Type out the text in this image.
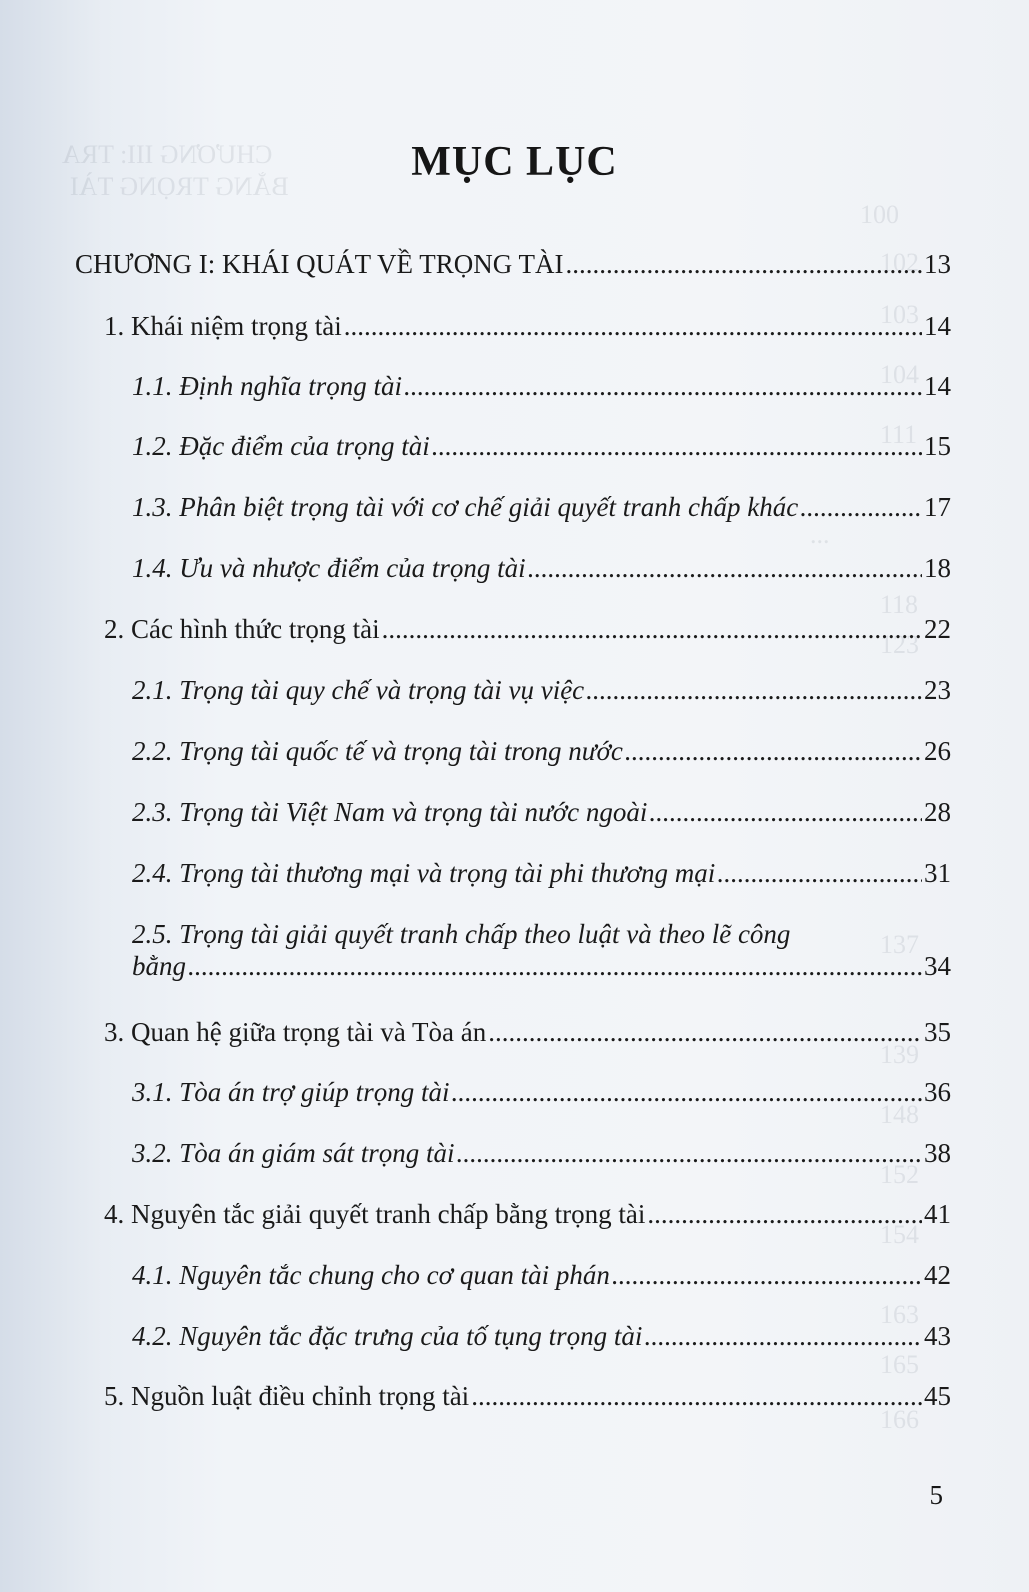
CHƯƠNG III: TRA
BẰNG TRỌNG TÀI
100
102
103
104
111
...
118
123
137
139
148
152
154
163
165
166
MỤC LỤC
CHƯƠNG I: KHÁI QUÁT VỀ TRỌNG TÀI .....	13
1. Khái niệm trọng tài .....	14
1.1. Định nghĩa trọng tài .....	14
1.2. Đặc điểm của trọng tài .....	15
1.3. Phân biệt trọng tài với cơ chế giải quyết tranh chấp khác .....	17
1.4. Ưu và nhược điểm của trọng tài .....	18
2. Các hình thức trọng tài .....	22
2.1. Trọng tài quy chế và trọng tài vụ việc .....	23
2.2. Trọng tài quốc tế và trọng tài trong nước .....	26
2.3. Trọng tài Việt Nam và trọng tài nước ngoài .....	28
2.4. Trọng tài thương mại và trọng tài phi thương mại .....	31
2.5. Trọng tài giải quyết tranh chấp theo luật và theo lẽ công
bằng .....	34
3. Quan hệ giữa trọng tài và Tòa án .....	35
3.1. Tòa án trợ giúp trọng tài .....	36
3.2. Tòa án giám sát trọng tài .....	38
4. Nguyên tắc giải quyết tranh chấp bằng trọng tài .....	41
4.1. Nguyên tắc chung cho cơ quan tài phán .....	42
4.2. Nguyên tắc đặc trưng của tố tụng trọng tài .....	43
5. Nguồn luật điều chỉnh trọng tài .....	45
5
